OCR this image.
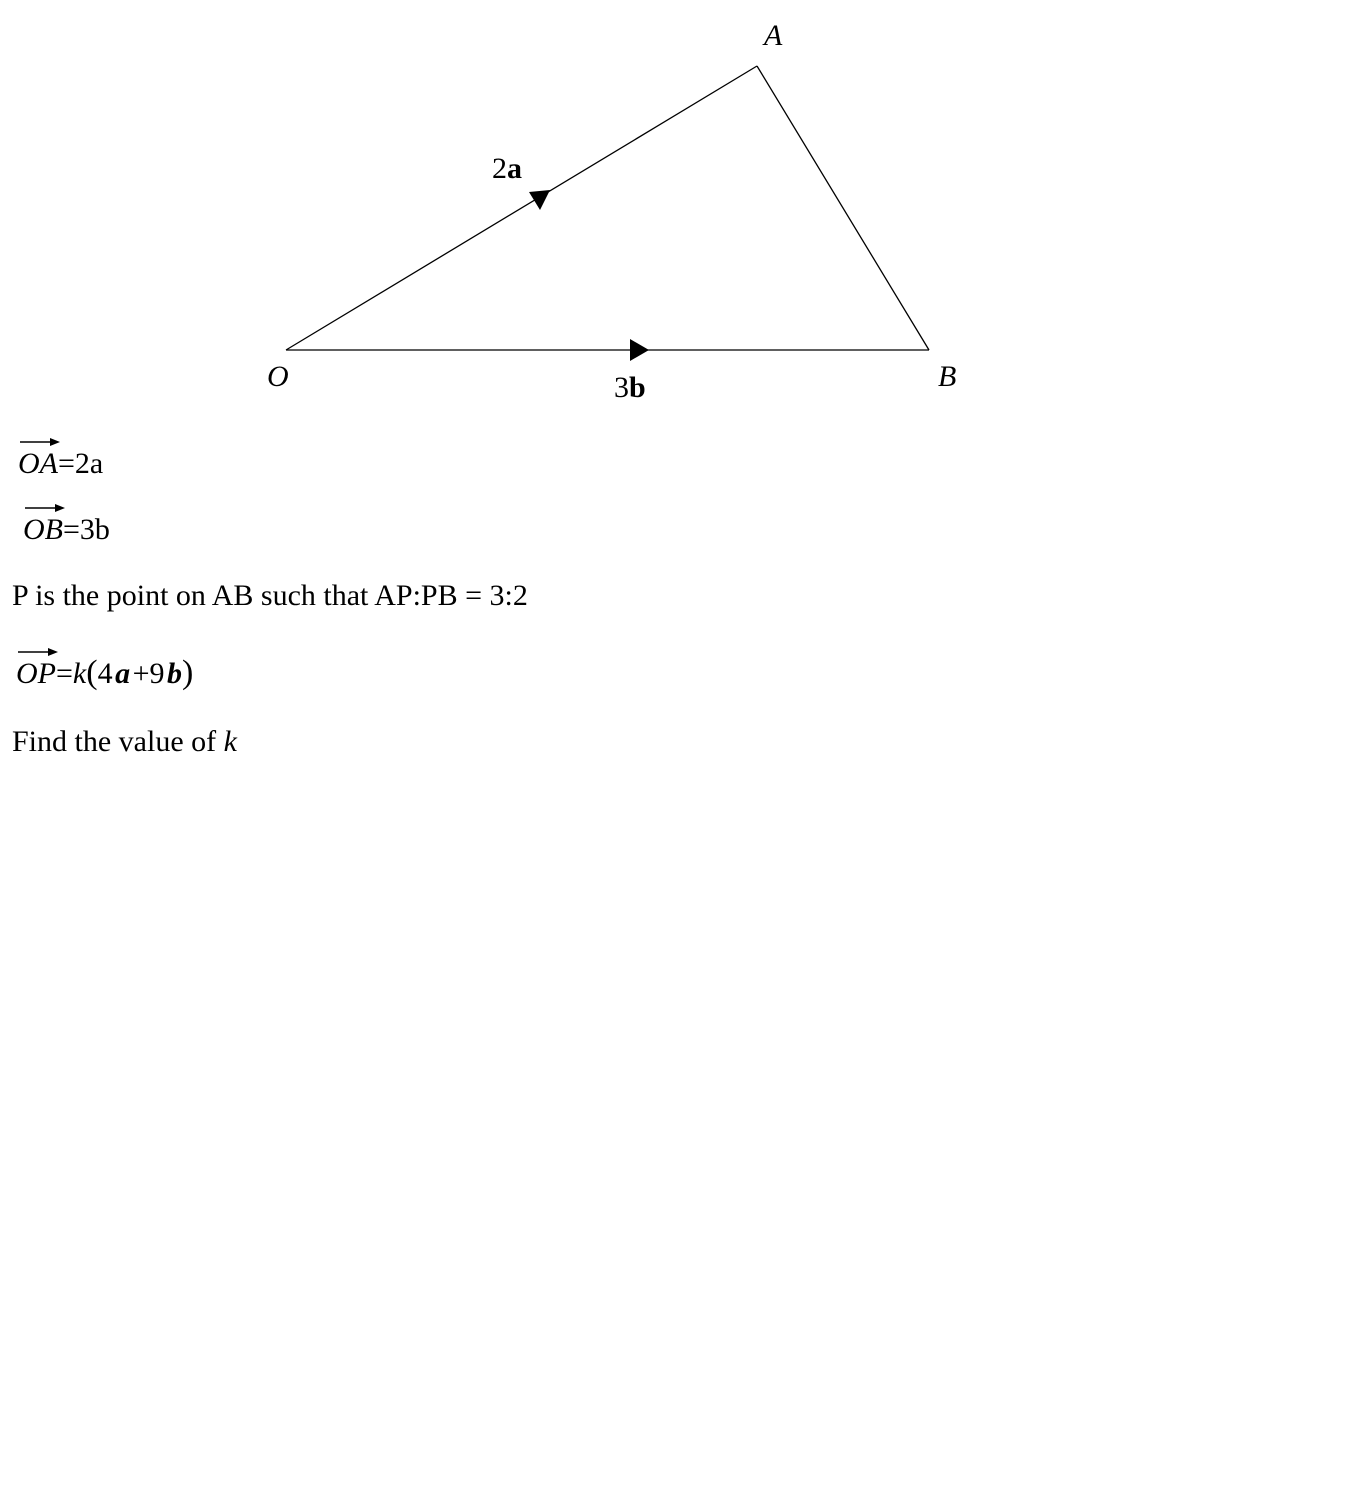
A
O	B
2a
3b
OA=2a
OB=3b
P is the point on AB such that AP:PB = 3:2
OP=k(4 a +9 b)
Find the value of k
